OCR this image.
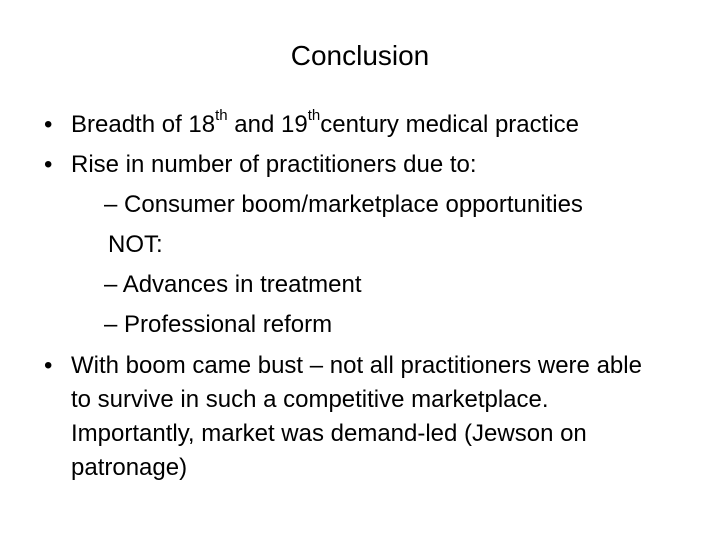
Conclusion
• Breadth of 18th and 19thcentury medical practice
• Rise in number of practitioners due to:
– Consumer boom/marketplace opportunities
NOT:
– Advances in treatment
– Professional reform
• With boom came bust – not all practitioners were able to survive in such a competitive marketplace. Importantly, market was demand-led (Jewson on patronage)
